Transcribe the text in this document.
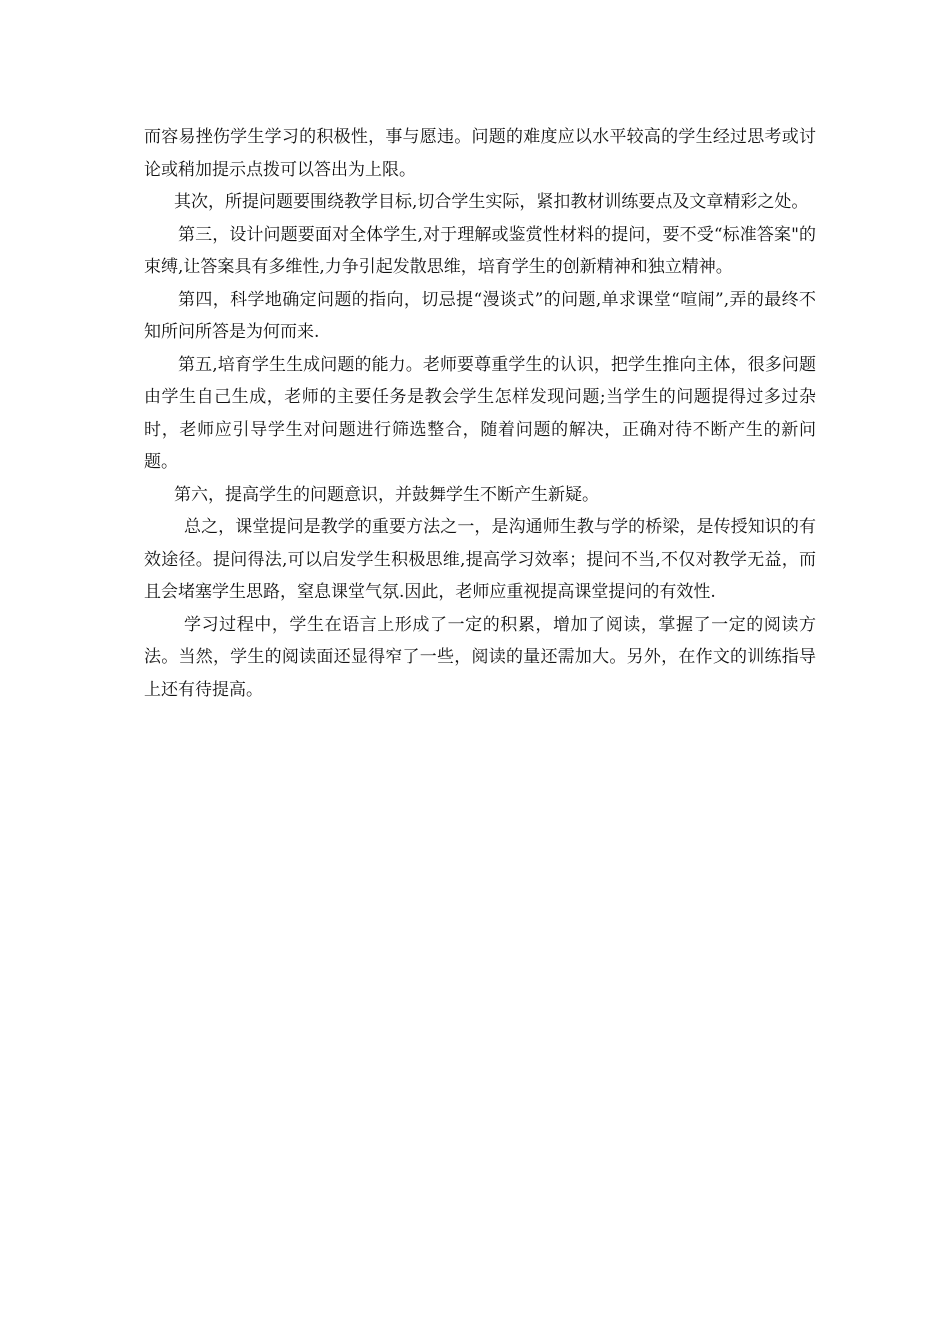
而容易挫伤学生学习的积极性，事与愿违。问题的难度应以水平较高的学生经过思考或讨论或稍加提示点拨可以答出为上限。

其次，所提问题要围绕教学目标,切合学生实际，紧扣教材训练要点及文章精彩之处。

第三，设计问题要面对全体学生,对于理解或鉴赏性材料的提问，要不受“标准答案"的束缚,让答案具有多维性,力争引起发散思维，培育学生的创新精神和独立精神。

第四，科学地确定问题的指向，切忌提“漫谈式”的问题,单求课堂“喧闹”,弄的最终不知所问所答是为何而来.

第五,培育学生生成问题的能力。老师要尊重学生的认识，把学生推向主体，很多问题由学生自己生成，老师的主要任务是教会学生怎样发现问题;当学生的问题提得过多过杂时，老师应引导学生对问题进行筛选整合，随着问题的解决，正确对待不断产生的新问题。

第六，提高学生的问题意识，并鼓舞学生不断产生新疑。

总之，课堂提问是教学的重要方法之一，是沟通师生教与学的桥梁，是传授知识的有效途径。提问得法,可以启发学生积极思维,提高学习效率；提问不当,不仅对教学无益，而且会堵塞学生思路，窒息课堂气氛.因此，老师应重视提高课堂提问的有效性.

学习过程中，学生在语言上形成了一定的积累，增加了阅读，掌握了一定的阅读方法。当然，学生的阅读面还显得窄了一些，阅读的量还需加大。另外，在作文的训练指导上还有待提高。
